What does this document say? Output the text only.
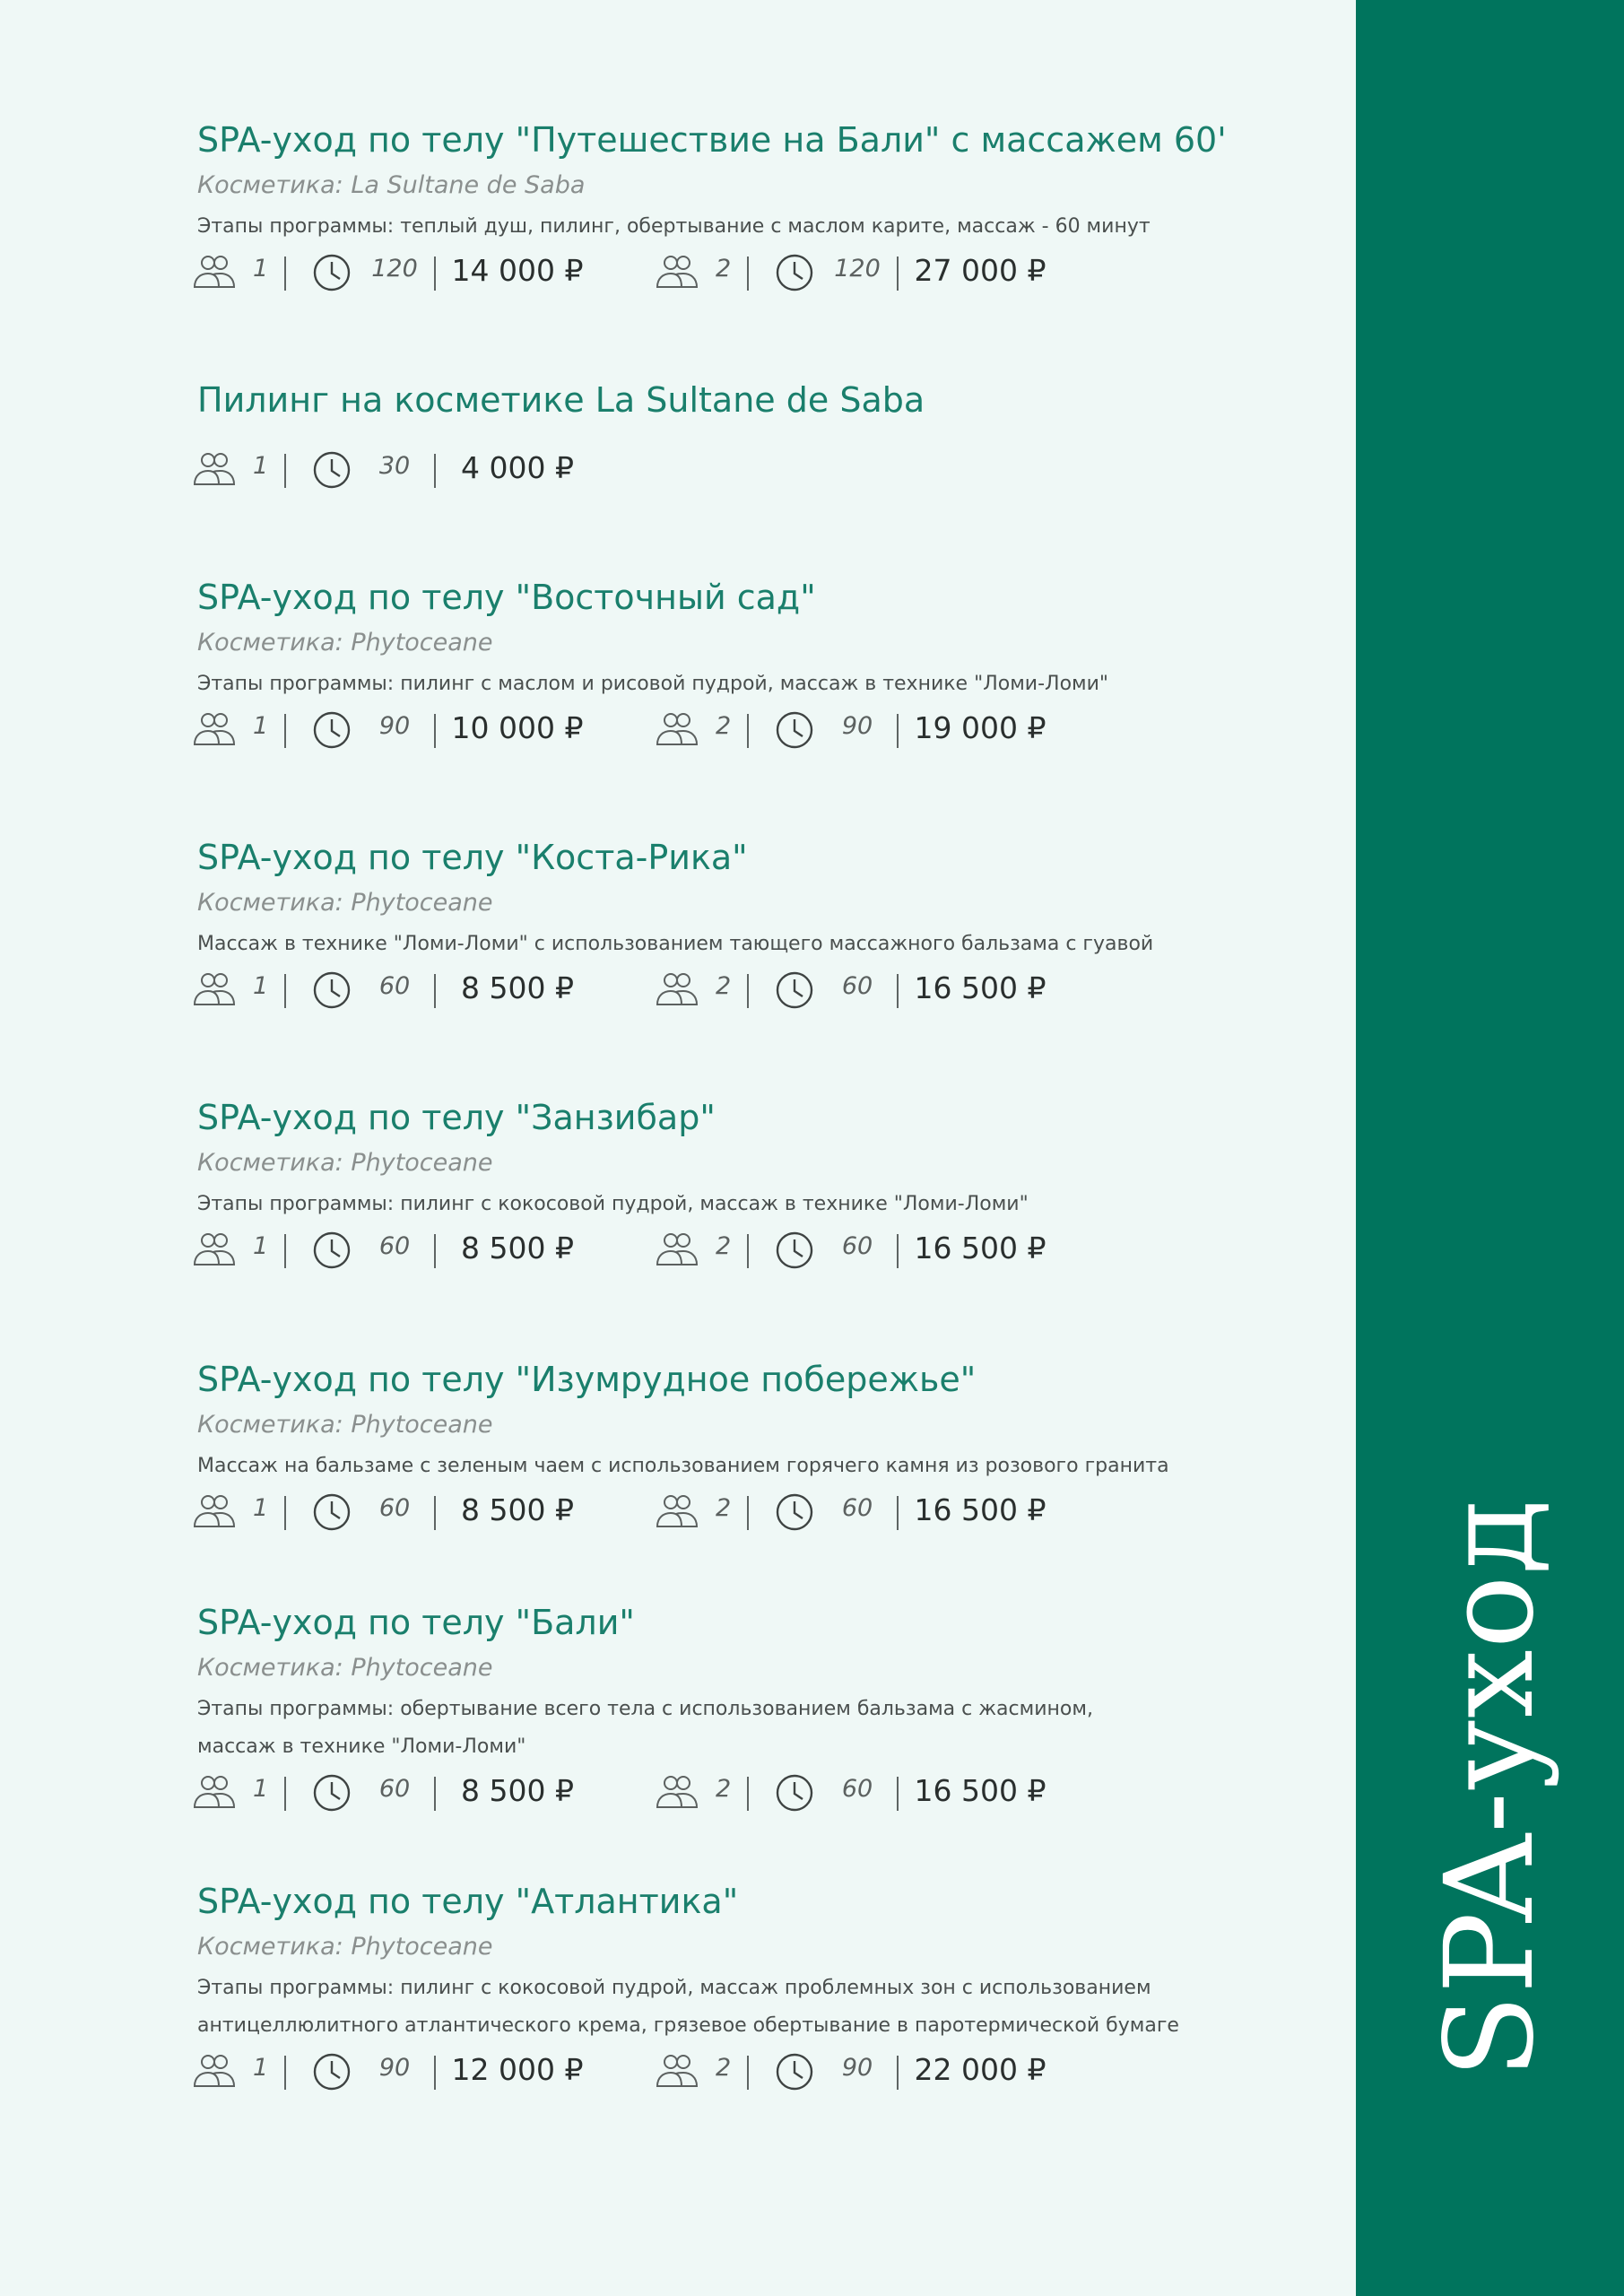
SPA-уход
SPA-уход по телу "Путешествие на Бали" с массажем 60'
Косметика: La Sultane de Saba
Этапы программы: теплый душ, пилинг, обертывание с маслом карите, массаж - 60 минут
1	120 14 000 ₽	2	120 27 000 ₽
Пилинг на косметике La Sultane de Saba
1	30	4 000 ₽
SPA-уход по телу "Восточный сад"
Косметика: Phytoceane
Этапы программы: пилинг с маслом и рисовой пудрой, массаж в технике "Ломи-Ломи"
1	90	10 000 ₽	2	90	19 000 ₽
SPA-уход по телу "Коста-Рика"
Косметика: Phytoceane
Массаж в технике "Ломи-Ломи" с использованием тающего массажного бальзама с гуавой
1	60	8 500 ₽	2	60	16 500 ₽
SPA-уход по телу "Занзибар"
Косметика: Phytoceane
Этапы программы: пилинг с кокосовой пудрой, массаж в технике "Ломи-Ломи"
1	60	8 500 ₽	2	60	16 500 ₽
SPA-уход по телу "Изумрудное побережье"
Косметика: Phytoceane
Массаж на бальзаме с зеленым чаем с использованием горячего камня из розового гранита
1	60	8 500 ₽	2	60	16 500 ₽
SPA-уход по телу "Бали"
Косметика: Phytoceane
Этапы программы: обертывание всего тела с использованием бальзама с жасмином,
массаж в технике "Ломи-Ломи"
1	60	8 500 ₽	2	60	16 500 ₽
SPA-уход по телу "Атлантика"
Косметика: Phytoceane
Этапы программы: пилинг с кокосовой пудрой, массаж проблемных зон с использованием
антицеллюлитного атлантического крема, грязевое обертывание в паротермической бумаге
1	90	12 000 ₽	2	90	22 000 ₽
